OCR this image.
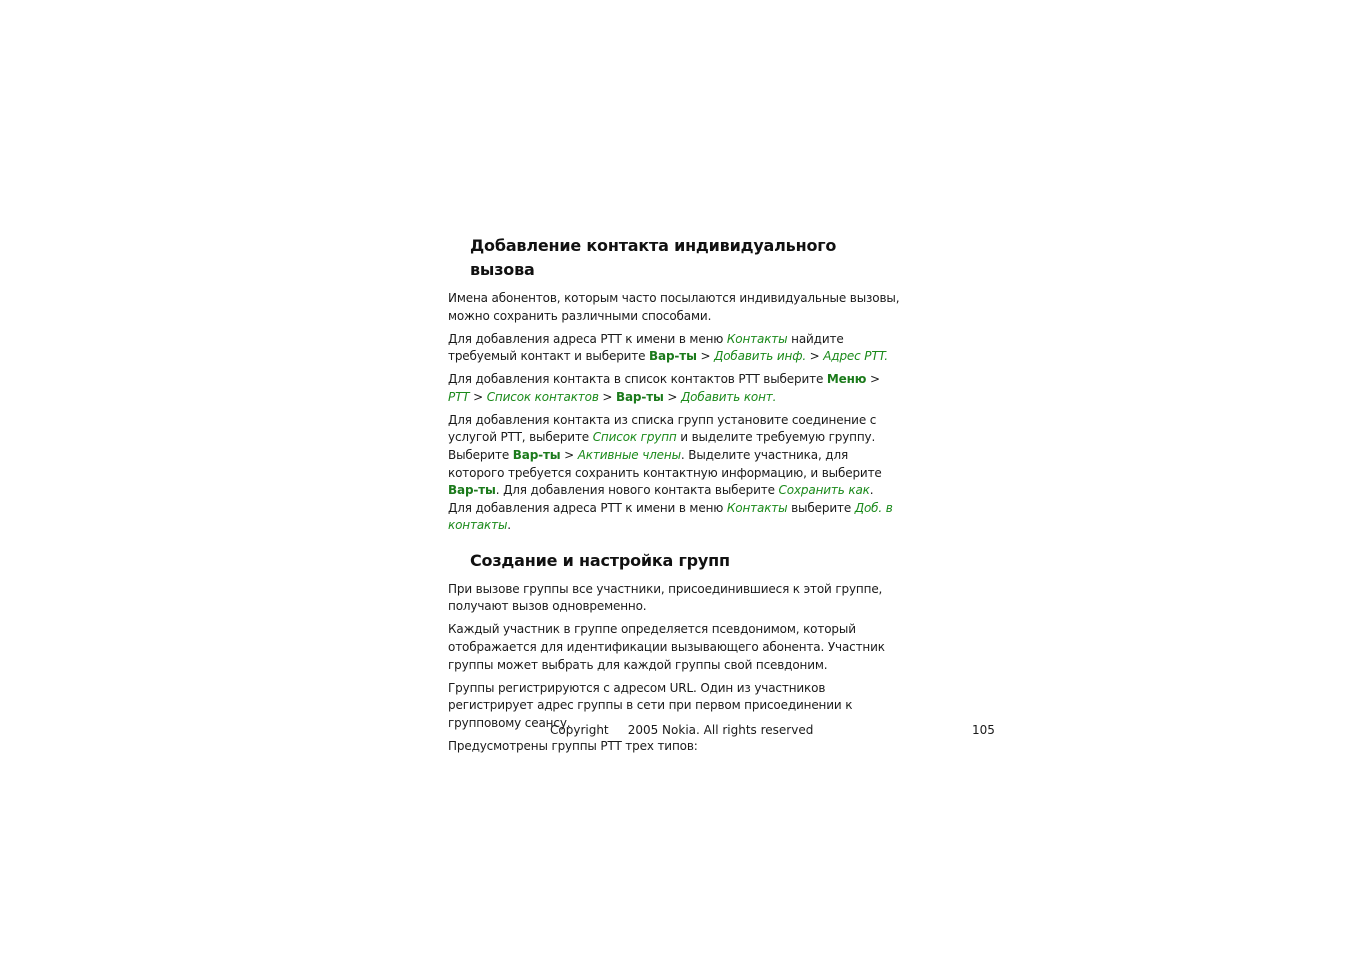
Добавление контакта индивидуального вызова

Имена абонентов, которым часто посылаются индивидуальные вызовы, можно сохранить различными способами.

Для добавления адреса PTT к имени в меню Контакты найдите требуемый контакт и выберите Вар-ты > Добавить инф. > Адрес PTT.

Для добавления контакта в список контактов PTT выберите Меню > PTT > Список контактов > Вар-ты > Добавить конт.

Для добавления контакта из списка групп установите соединение с услугой PTT, выберите Список групп и выделите требуемую группу. Выберите Вар-ты > Активные члены. Выделите участника, для которого требуется сохранить контактную информацию, и выберите Вар-ты. Для добавления нового контакта выберите Сохранить как. Для добавления адреса PTT к имени в меню Контакты выберите Доб. в контакты.

Создание и настройка групп

При вызове группы все участники, присоединившиеся к этой группе, получают вызов одновременно.

Каждый участник в группе определяется псевдонимом, который отображается для идентификации вызывающего абонента. Участник группы может выбрать для каждой группы свой псевдоним.

Группы регистрируются с адресом URL. Один из участников регистрирует адрес группы в сети при первом присоединении к групповому сеансу.

Предусмотрены группы PTT трех типов:

Copyright     2005 Nokia. All rights reserved	105
